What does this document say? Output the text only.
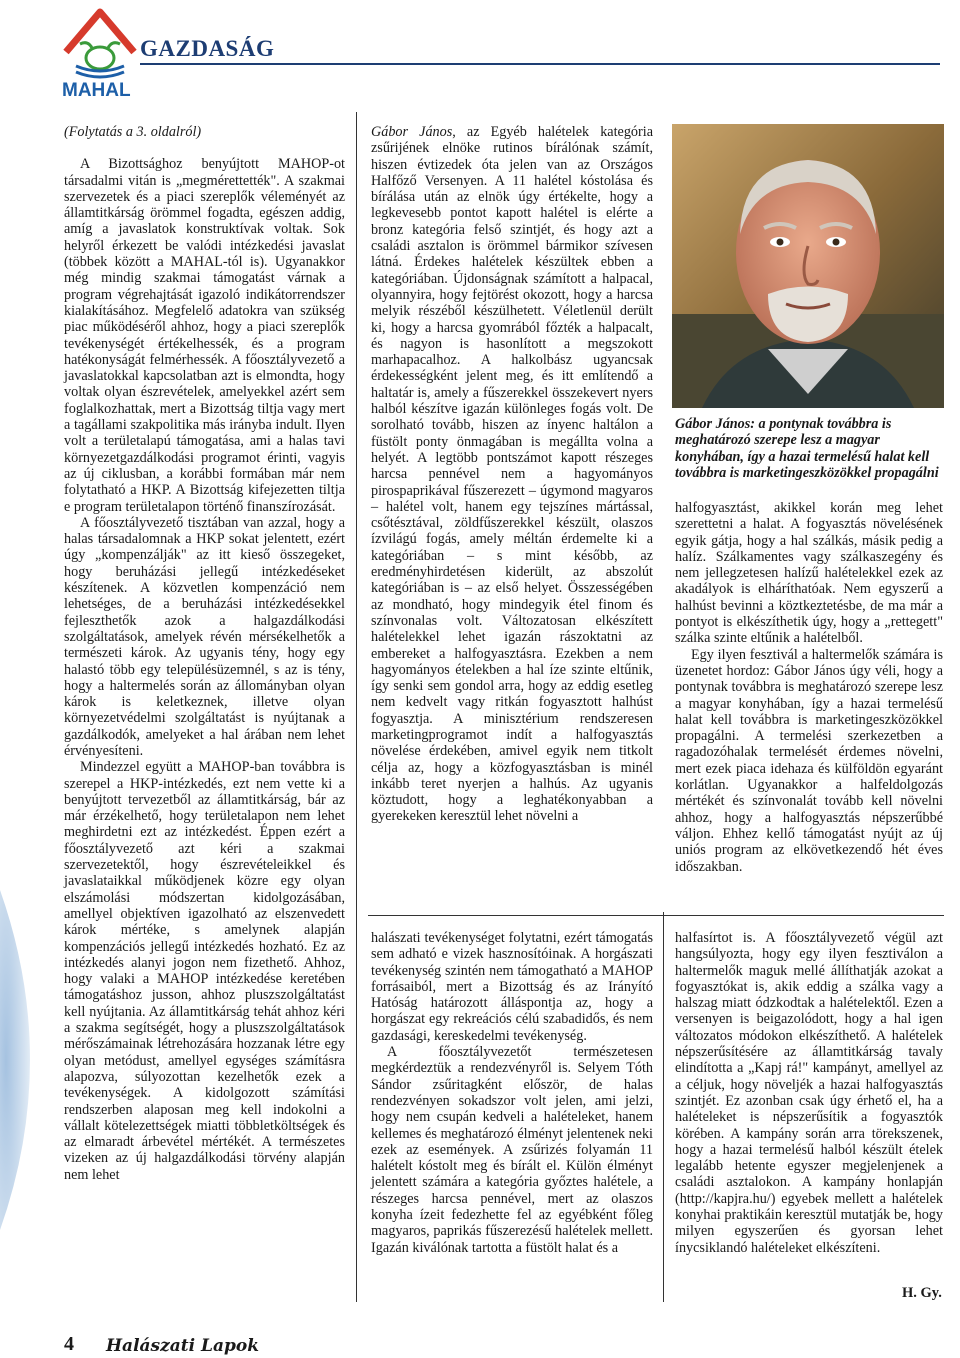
MAHAL
GAZDASÁG

(Folytatás a 3. oldalról)

A Bizottsághoz benyújtott MAHOP-ot társadalmi vitán is „megmérettették". A szakmai szervezetek és a piaci szereplők véleményét az államtitkárság örömmel fogadta, egészen addig, amíg a javaslatok konstruktívak voltak. Sok helyről érkezett be valódi intézkedési javaslat (többek között a MAHAL-tól is). Ugyanakkor még mindig szakmai támogatást várnak a program végrehajtását igazoló indikátorrendszer kialakításához. Megfelelő adatokra van szükség piac működéséről ahhoz, hogy a piaci szereplők tevékenységét értékelhessék, és a program hatékonyságát felmérhessék. A főosztályvezető a javaslatokkal kapcsolatban azt is elmondta, hogy voltak olyan észrevételek, amelyekkel azért sem foglalkozhattak, mert a Bizottság tiltja vagy mert a tagállami szakpolitika más irányba indult. Ilyen volt a területalapú támogatása, ami a halas tavi környezetgazdálkodási programot érinti, vagyis az új ciklusban, a korábbi formában már nem folytatható a HKP. A Bizottság kifejezetten tiltja e program területalapon történő finanszírozását.

A főosztályvezető tisztában van azzal, hogy a halas társadalomnak a HKP sokat jelentett, ezért úgy „kompenzálják" az itt kieső összegeket, hogy beruházási jellegű intézkedéseket készítenek. A közvetlen kompenzáció nem lehetséges, de a beruházási intézkedésekkel fejleszthetők azok a halgazdálkodási szolgáltatások, amelyek révén mérsékelhetők a természeti károk. Az ugyanis tény, hogy egy halastó több egy településüzemnél, s az is tény, hogy a haltermelés során az állományban olyan károk is keletkeznek, illetve olyan környezetvédelmi szolgáltatást is nyújtanak a gazdálkodók, amelyeket a hal árában nem lehet érvényesíteni.

Mindezzel együtt a MAHOP-ban továbbra is szerepel a HKP-intézkedés, ezt nem vette ki a benyújtott tervezetből az államtitkárság, bár az már érzékelhető, hogy területalapon nem lehet meghirdetni ezt az intézkedést. Éppen ezért a főosztályvezető azt kéri a szakmai szervezetektől, hogy észrevételeikkel és javaslataikkal működjenek közre egy olyan elszámolási módszertan kidolgozásában, amellyel objektíven igazolható az elszenvedett károk mértéke, s amelynek alapján kompenzációs jellegű intézkedés hozható. Ez az intézkedés alanyi jogon nem fizethető. Ahhoz, hogy valaki a MAHOP intézkedése keretében támogatáshoz jusson, ahhoz pluszszolgáltatást kell nyújtania. Az államtitkárság tehát ahhoz kéri a szakma segítségét, hogy a pluszszolgáltatások mérőszámainak létrehozására hozzanak létre egy olyan metódust, amellyel egységes számításra alapozva, súlyozottan kezelhetők ezek a tevékenységek. A kidolgozott számítási rendszerben alaposan meg kell indokolni a vállalt kötelezettségek miatti többletköltségek és az elmaradt árbevétel mértékét. A természetes vizeken az új halgazdálkodási törvény alapján nem lehet

Gábor János, az Egyéb halételek kategória zsűrijének elnöke rutinos bírálónak számít, hiszen évtizedek óta jelen van az Országos Halfőző Versenyen. A 11 halétel kóstolása és bírálása után az elnök úgy értékelte, hogy a legkevesebb pontot kapott halétel is elérte a bronz kategória felső szintjét, és hogy azt a családi asztalon is örömmel bármikor szívesen látná. Érdekes halételek készültek ebben a kategóriában. Újdonságnak számított a halpacal, olyannyira, hogy fejtörést okozott, hogy a harcsa melyik részéből készülhetett. Véletlenül derült ki, hogy a harcsa gyomrából főzték a halpacalt, és nagyon is hasonlított a megszokott marhapacalhoz. A halkolbász ugyancsak érdekességként jelent meg, és itt említendő a haltatár is, amely a fűszerekkel összekevert nyers halból készítve igazán különleges fogás volt. De sorolható tovább, hiszen az ínyenc haltálon a füstölt ponty önmagában is megállta volna a helyét. A legtöbb pontszámot kapott részeges harcsa pennével nem a hagyományos pirospaprikával fűszerezett – úgymond magyaros – halétel volt, hanem egy tejszínes mártással, csőtésztával, zöldfűszerekkel készült, olaszos ízvilágú fogás, amely méltán érdemelte ki a kategóriában – s mint később, az eredményhirdetésen kiderült, az abszolút kategóriában is – az első helyet. Összességében az mondható, hogy mindegyik étel finom és színvonalas volt. Változatosan elkészített halételekkel lehet igazán rászoktatni az embereket a halfogyasztásra. Ezekben a nem hagyományos ételekben a hal íze szinte eltűnik, így senki sem gondol arra, hogy az eddig esetleg nem kedvelt vagy ritkán fogyasztott halhúst fogyasztja. A minisztérium rendszeresen marketingprogramot indít a halfogyasztás növelése érdekében, amivel egyik nem titkolt célja az, hogy a közfogyasztásban is minél inkább teret nyerjen a halhús. Az ugyanis köztudott, hogy a leghatékonyabban a gyerekeken keresztül lehet növelni a

Gábor János: a pontynak továbbra is meghatározó szerepe lesz a magyar konyhában, így a hazai termelésű halat kell továbbra is marketingeszközökkel propagálni

halfogyasztást, akikkel korán meg lehet szerettetni a halat. A fogyasztás növelésének egyik gátja, hogy a hal szálkás, másik pedig a halíz. Szálkamentes vagy szálkaszegény és nem jellegzetesen halízű halételekkel ezek az akadályok is elháríthatóak. Nem egyszerű a halhúst bevinni a köztkeztetésbe, de ma már a pontyot is elkészíthetik úgy, hogy a „rettegett" szálka szinte eltűnik a halételből.

Egy ilyen fesztivál a haltermelők számára is üzenetet hordoz: Gábor János úgy véli, hogy a pontynak továbbra is meghatározó szerepe lesz a magyar konyhában, így a hazai termelésű halat kell továbbra is marketingeszközökkel propagálni. A termelési szerkezetben a ragadozóhalak termelését érdemes növelni, mert ezek piaca idehaza és külföldön egyaránt korlátlan. Ugyanakkor a halfeldolgozás mértékét és színvonalát tovább kell növelni ahhoz, hogy a halfogyasztás népszerűbbé váljon. Ehhez kellő támogatást nyújt az új uniós program az elkövetkezendő hét éves időszakban.

halászati tevékenységet folytatni, ezért támogatás sem adható e vizek hasznosítóinak. A horgászati tevékenység szintén nem támogatható a MAHOP forrásaiból, mert a Bizottság és az Irányító Hatóság határozott álláspontja az, hogy a horgászat egy rekreációs célú szabadidős, és nem gazdasági, kereskedelmi tevékenység.

A főosztályvezetőt természetesen megkérdeztük a rendezvényről is. Selyem Tóth Sándor zsűritagként először, de halas rendezvényen sokadszor volt jelen, ami jelzi, hogy nem csupán kedveli a halételeket, hanem kellemes és meghatározó élményt jelentenek neki ezek az események. A zsűrizés folyamán 11 halételt kóstolt meg és bírált el. Külön élményt jelentett számára a kategória győztes halétele, a részeges harcsa pennével, mert az olaszos konyha ízeit fedezhette fel az egyébként főleg magyaros, paprikás fűszerezésű halételek mellett. Igazán kiválónak tartotta a füstölt halat és a

halfasírtot is. A főosztályvezető végül azt hangsúlyozta, hogy egy ilyen fesztiválon a haltermelők maguk mellé állíthatják azokat a fogyasztókat is, akik eddig a szálka vagy a halszag miatt ódzkodtak a halételektől. Ezen a versenyen is beigazolódott, hogy a hal igen változatos módokon elkészíthető. A halételek népszerűsítésére az államtitkárság tavaly elindította a „Kapj rá!" kampányt, amellyel az a céljuk, hogy növeljék a hazai halfogyasztás szintjét. Ez azonban csak úgy érhető el, ha a halételeket is népszerűsítik a fogyasztók körében. A kampány során arra törekszenek, hogy a hazai termelésű halból készült ételek legalább hetente egyszer megjelenjenek a családi asztalokon. A kampány honlapján (http://kapjra.hu/) egyebek mellett a halételek konyhai praktikáin keresztül mutatják be, hogy milyen egyszerűen és gyorsan lehet ínycsiklandó halételeket elkészíteni.

H. Gy.
4 Halászati Lapok
